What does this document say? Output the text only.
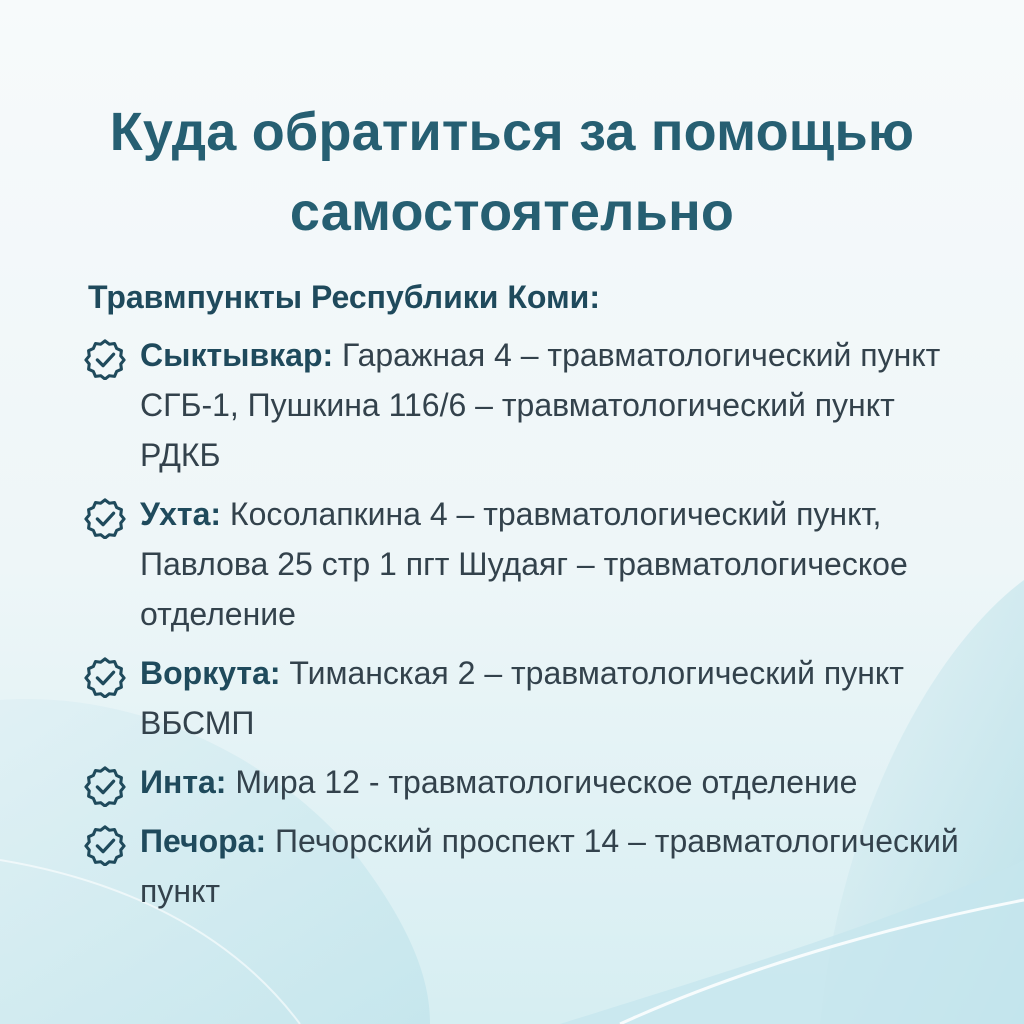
Куда обратиться за помощью
самостоятельно
Травмпункты Республики Коми:
Сыктывкар: Гаражная 4 – травматологический пункт СГБ-1, Пушкина 116/6 – травматологический пункт РДКБ
Ухта: Косолапкина 4 – травматологический пункт, Павлова 25 стр 1 пгт Шудаяг – травматологическое отделение
Воркута: Тиманская 2 – травматологический пункт ВБСМП
Инта: Мира 12 - травматологическое отделение
Печора: Печорский проспект 14 – травматологический пункт
